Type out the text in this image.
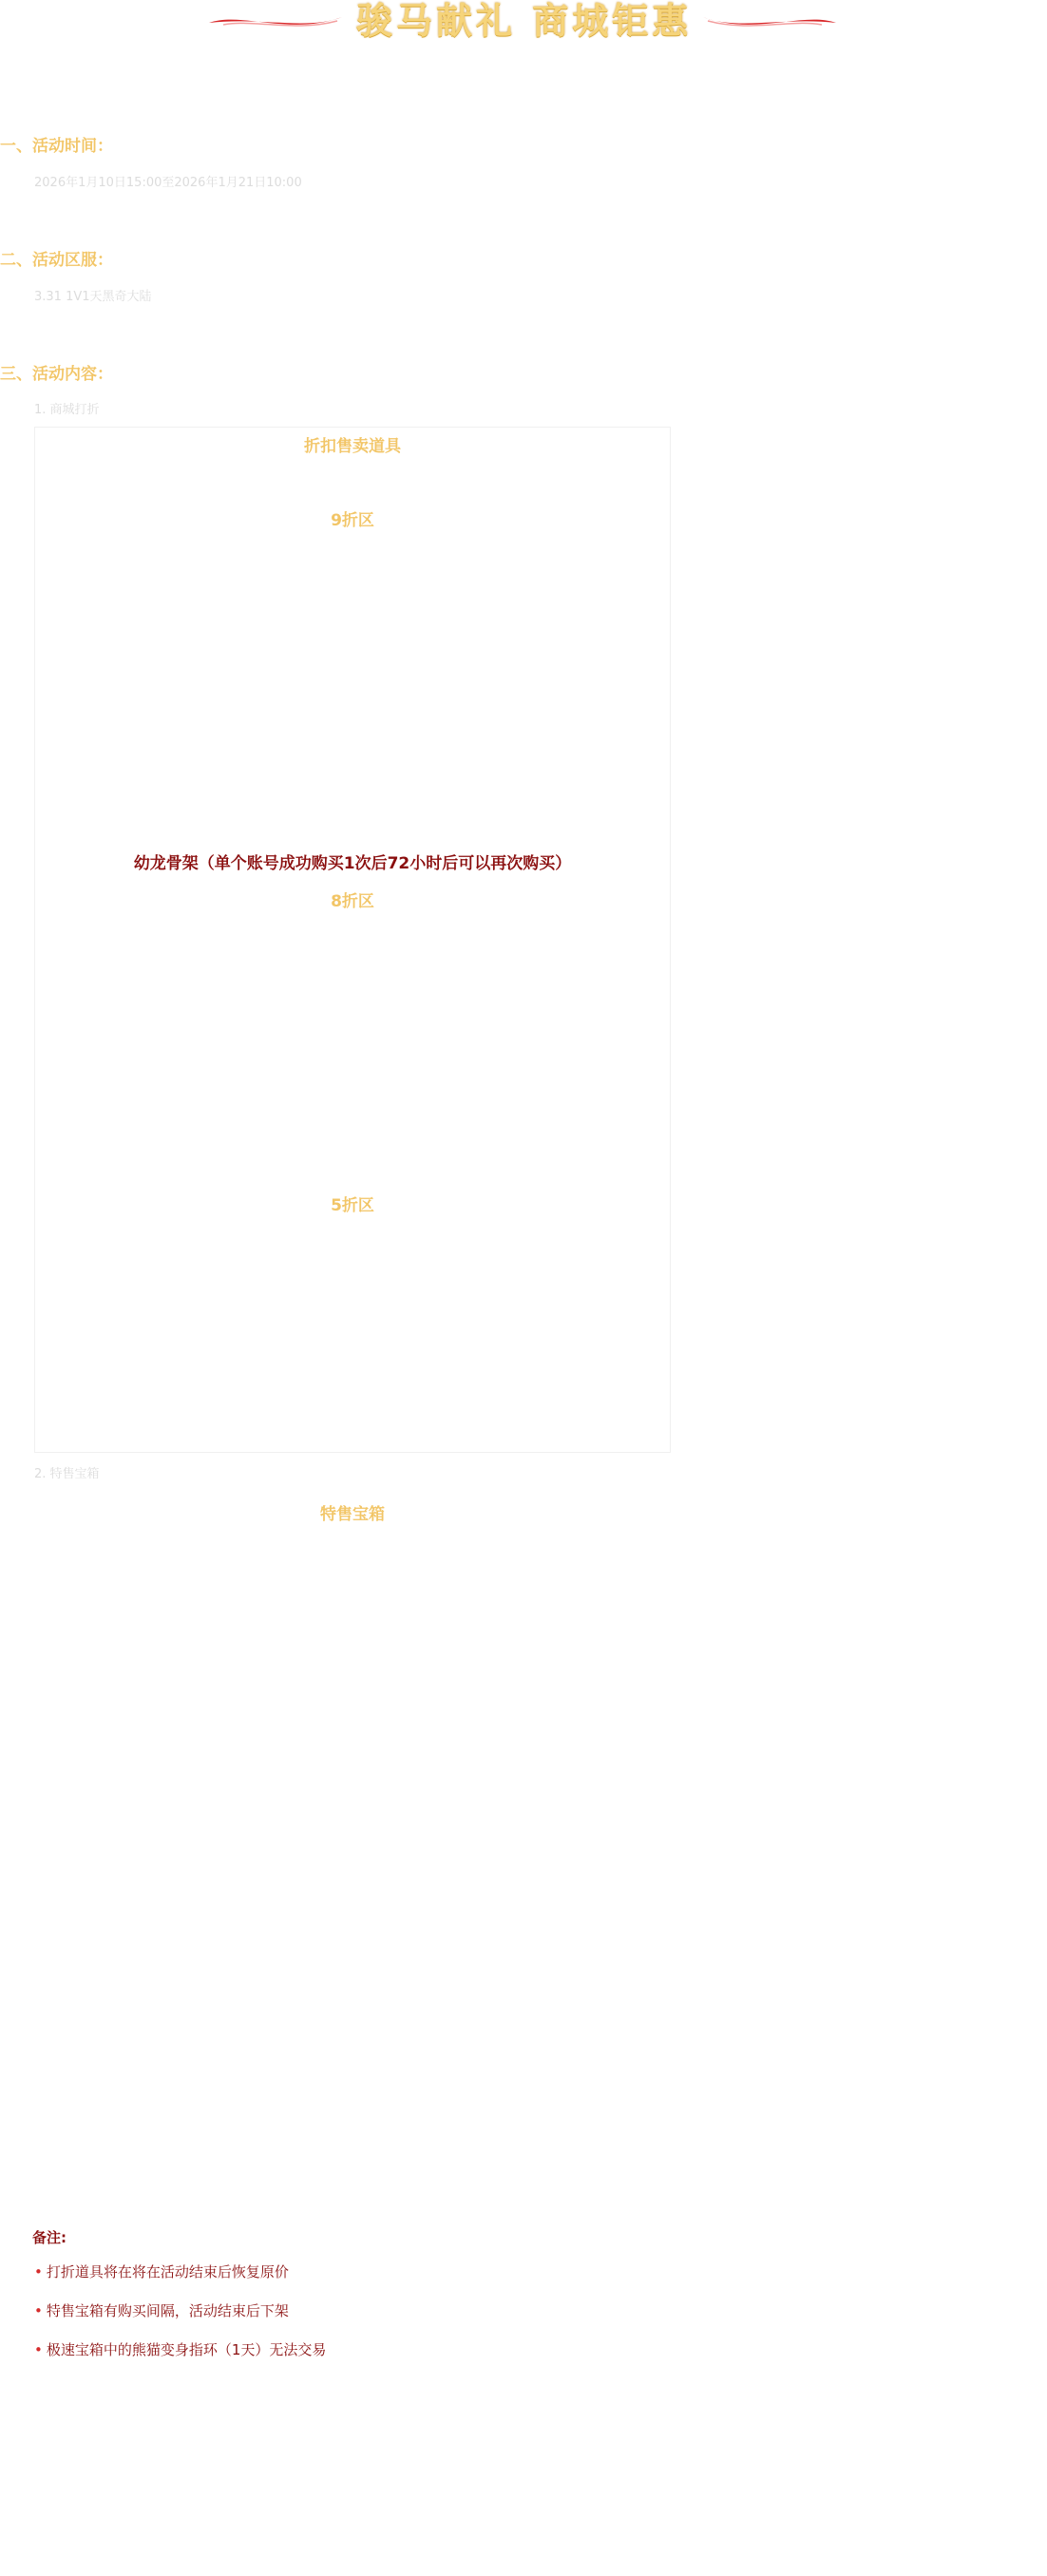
骏马献礼 商城钜惠
一、活动时间：
2026年1月10日15:00至2026年1月21日10:00
二、活动区服：
3.31 1V1天黑奇大陆
三、活动内容：
1. 商城打折
折扣售卖道具
9折区
幼龙骨架（单个账号成功购买1次后72小时后可以再次购买）
8折区
5折区
2. 特售宝箱
特售宝箱
备注:
• 打折道具将在将在活动结束后恢复原价
• 特售宝箱有购买间隔，活动结束后下架
• 极速宝箱中的熊猫变身指环（1天）无法交易
